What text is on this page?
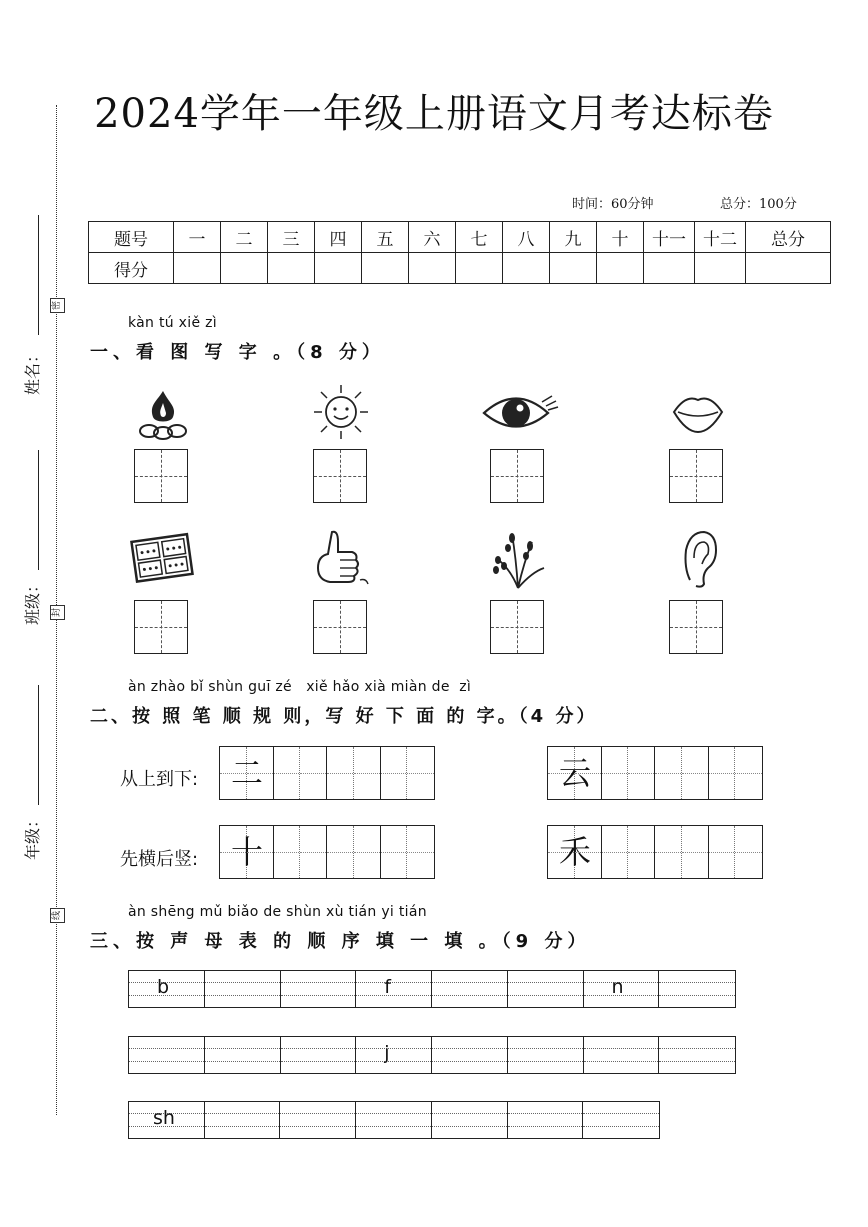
2024学年一年级上册语文月考达标卷
时间：60分钟	总分：100分
姓名：
班级：
年级：
密
封
线
题号	一	二	三	四	五	六	七	八	九	十	十一	十二	总分
得分													
kàn tú xiě zì
一、看 图 写 字 。（8 分）
àn zhào bǐ shùn guī zé   xiě hǎo xià miàn de  zì
二、按 照 笔 顺 规 则，写 好 下 面 的 字。（4 分）
从上到下:
先横后竖:
二	云
十	禾
àn shēng mǔ biǎo de shùn xù tián yi tián
三、按 声 母 表 的 顺 序 填 一 填 。（9 分）
b	f	n
j
sh
